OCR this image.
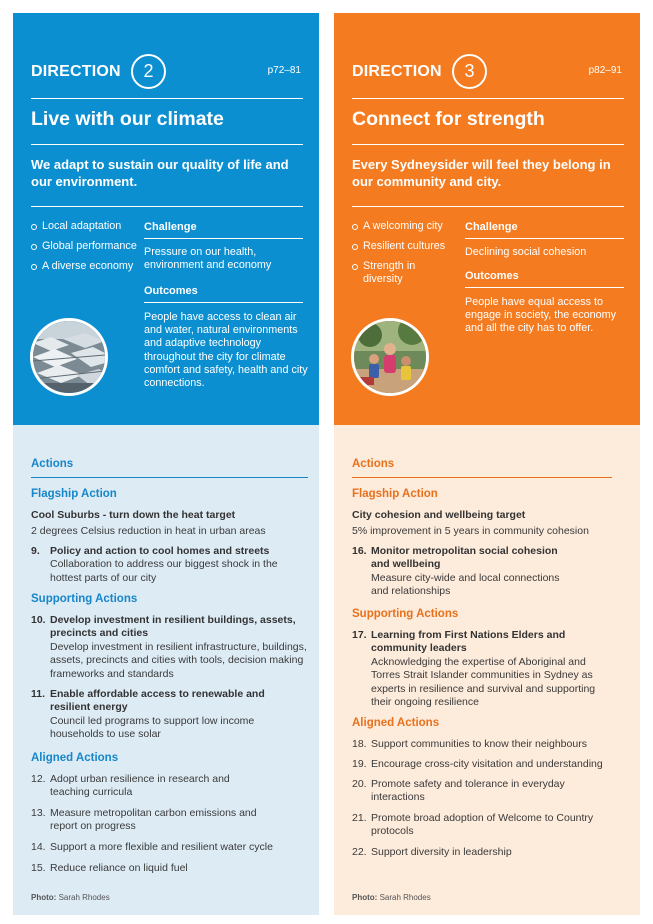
DIRECTION	2	p72–81
Live with our climate
We adapt to sustain our quality of life and our environment.
Local adaptation
Global performance
A diverse economy
Challenge
Pressure on our health, environment and economy
Outcomes
People have access to clean air and water, natural environments and adaptive technology throughout the city for climate comfort and safety, health and city connections.
Actions
Flagship Action
Cool Suburbs - turn down the heat target
2 degrees Celsius reduction in heat in urban areas
9. Policy and action to cool homes and streets
Collaboration to address our biggest shock in the hottest parts of our city
Supporting Actions
10. Develop investment in resilient buildings, assets, precincts and cities
Develop investment in resilient infrastructure, buildings, assets, precincts and cities with tools, decision making frameworks and standards
11. Enable affordable access to renewable and resilient energy
Council led programs to support low income households to use solar
Aligned Actions
12. Adopt urban resilience in research and teaching curricula
13. Measure metropolitan carbon emissions and report on progress
14. Support a more flexible and resilient water cycle
15. Reduce reliance on liquid fuel
Photo: Sarah Rhodes
DIRECTION	3	p82–91
Connect for strength
Every Sydneysider will feel they belong in our community and city.
A welcoming city
Resilient cultures
Strength in diversity
Challenge
Declining social cohesion
Outcomes
People have equal access to engage in society, the economy and all the city has to offer.
Actions
Flagship Action
City cohesion and wellbeing target
5% improvement in 5 years in community cohesion
16. Monitor metropolitan social cohesion and wellbeing
Measure city-wide and local connections and relationships
Supporting Actions
17. Learning from First Nations Elders and community leaders
Acknowledging the expertise of Aboriginal and Torres Strait Islander communities in Sydney as experts in resilience and survival and supporting their ongoing resilience
Aligned Actions
18. Support communities to know their neighbours
19. Encourage cross-city visitation and understanding
20. Promote safety and tolerance in everyday interactions
21. Promote broad adoption of Welcome to Country protocols
22. Support diversity in leadership
Photo: Sarah Rhodes
